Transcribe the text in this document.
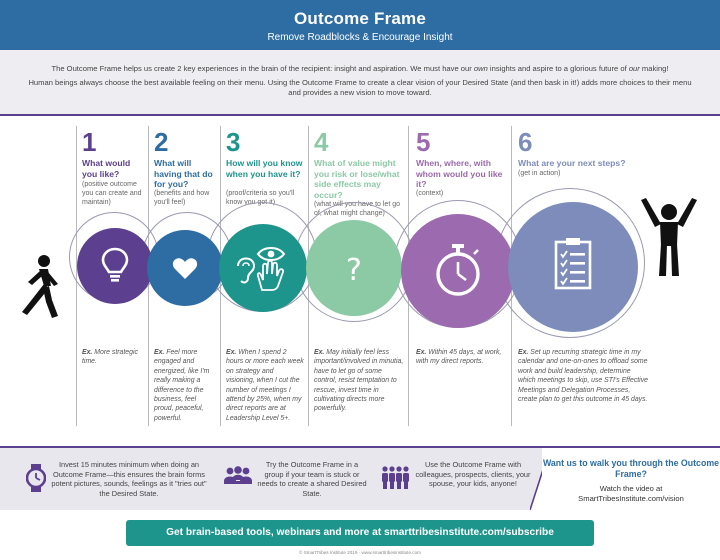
Outcome Frame
Remove Roadblocks & Encourage Insight

The Outcome Frame helps us create 2 key experiences in the brain of the recipient: insight and aspiration. We must have our own insights and aspire to a glorious future of our making!

Human beings always choose the best available feeling on their menu. Using the Outcome Frame to create a clear vision of your Desired State (and then bask in it!) adds more choices to their menu and provides a new vision to move toward.

1
What would you like?
(positive outcome you can create and maintain)
Ex. More strategic time.
2
What will having that do for you?
(benefits and how you'll feel)
Ex. Feel more engaged and energized, like I'm really making a difference to the business, feel proud, peaceful, powerful.
3
How will you know when you have it?
(proof/criteria so you'll know you got it)
Ex. When I spend 2 hours or more each week on strategy and visioning, when I cut the number of meetings I attend by 25%, when my direct reports are at Leadership Level 5+.
4
What of value might you risk or lose/what side effects may occur?
(what will you have to let go of, what might change)
Ex. May initially feel less important/involved in minutia, have to let go of some control, resist temptation to rescue, invest time in cultivating directs more powerfully.
5
When, where, with whom would you like it?
(context)
Ex. Within 45 days, at work, with my direct reports.
6
What are your next steps?
(get in action)
Ex. Set up recurring strategic time in my calendar and one-on-ones to offload some work and build leadership, determine which meetings to skip, use STI's Effective Meetings and Delegation Processes, create plan to get this outcome in 45 days.
?
Invest 15 minutes minimum when doing an Outcome Frame—this ensures the brain forms potent pictures, sounds, feelings as it "tries out" the Desired State.
Try the Outcome Frame in a group if your team is stuck or needs to create a shared Desired State.
Use the Outcome Frame with colleagues, prospects, clients, your spouse, your kids, anyone!
Want us to walk you through the Outcome Frame?
Watch the video at
SmartTribesInstitute.com/vision
Get brain-based tools, webinars and more at smarttribesinstitute.com/subscribe
© SmartTribes Institute 2019 · www.smarttribesinstitute.com
